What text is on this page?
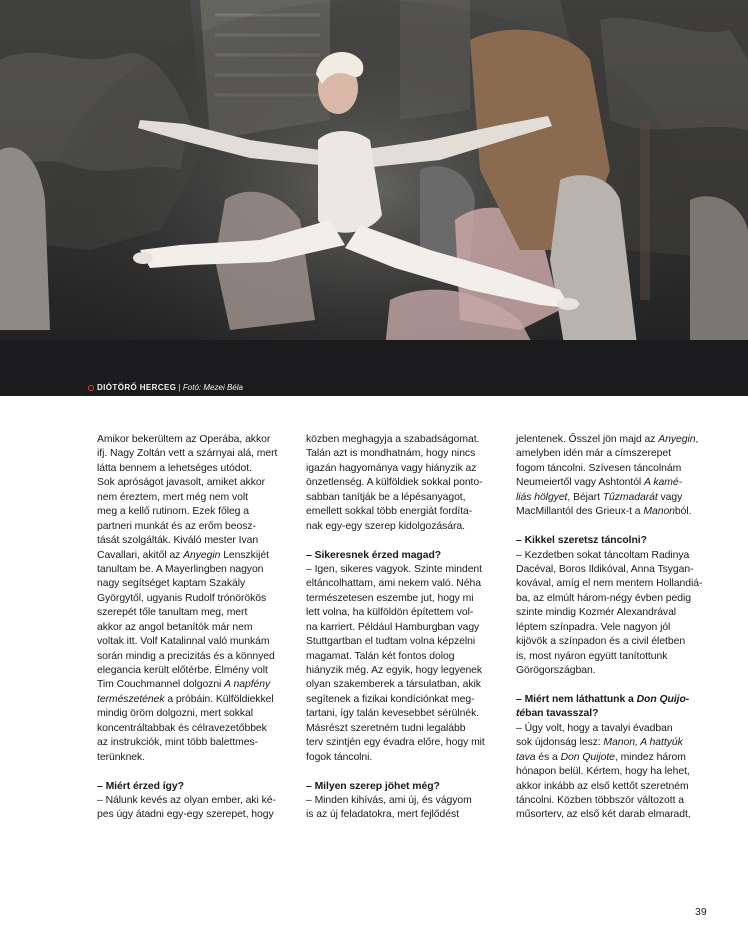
DIÓTÖRŐ HERCEG | Fotó: Mezei Béla
Amikor bekerültem az Operába, akkor
ifj. Nagy Zoltán vett a szárnyai alá, mert
látta bennem a lehetséges utódot.
Sok apróságot javasolt, amiket akkor
nem éreztem, mert még nem volt
meg a kellő rutinom. Ezek főleg a
partneri munkát és az erőm beosz-
tását szolgálták. Kiváló mester Ivan
Cavallari, akitől az Anyegin Lenszkijét
tanultam be. A Mayerlingben nagyon
nagy segítséget kaptam Szakály
Györgytől, ugyanis Rudolf trónörökös
szerepét tőle tanultam meg, mert
akkor az angol betanítók már nem
voltak itt. Volf Katalinnal való munkám
során mindig a precizitás és a könnyed
elegancia került előtérbe. Élmény volt
Tim Couchmannel dolgozni A napfény
természetének a próbáin. Külföldiekkel
mindig öröm dolgozni, mert sokkal
koncentráltabbak és célravezetőbbek
az instrukciók, mint több balettmes-
terünknek.
– Miért érzed így?
– Nálunk kevés az olyan ember, aki ké-
pes úgy átadni egy-egy szerepet, hogy
közben meghagyja a szabadságomat.
Talán azt is mondhatnám, hogy nincs
igazán hagyománya vagy hiányzik az
önzetlenség. A külföldiek sokkal ponto-
sabban tanítják be a lépésanyagot,
emellett sokkal több energiát fordíta-
nak egy-egy szerep kidolgozására.
– Sikeresnek érzed magad?
– Igen, sikeres vagyok. Szinte mindent
eltáncolhattam, ami nekem való. Néha
természetesen eszembe jut, hogy mi
lett volna, ha külföldön építettem vol-
na karriert. Például Hamburgban vagy
Stuttgartban el tudtam volna képzelni
magamat. Talán két fontos dolog
hiányzik még. Az egyik, hogy legyenek
olyan szakemberek a társulatban, akik
segítenek a fizikai kondíciónkat meg-
tartani, így talán kevesebbet sérülnék.
Másrészt szeretném tudni legalább
terv szintjén egy évadra előre, hogy mit
fogok táncolni.
– Milyen szerep jöhet még?
– Minden kihívás, ami új, és vágyom
is az új feladatokra, mert fejlődést
jelentenek. Ősszel jön majd az Anyegin,
amelyben idén már a címszerepet
fogom táncolni. Szívesen táncolnám
Neumeiertől vagy Ashtontól A kamé-
liás hölgyet, Béjart Tűzmadarát vagy
MacMillantól des Grieux-t a Manonból.
– Kikkel szeretsz táncolni?
– Kezdetben sokat táncoltam Radinya
Dacéval, Boros Ildikóval, Anna Tsygan-
kovával, amíg el nem mentem Hollandiá-
ba, az elmúlt három-négy évben pedig
szinte mindig Kozmér Alexandrával
léptem színpadra. Vele nagyon jól
kijövök a színpadon és a civil életben
is, most nyáron együtt tanítottunk
Görögországban.
– Miért nem láthattunk a Don Quijo-
téban tavasszal?
– Úgy volt, hogy a tavalyi évadban
sok újdonság lesz: Manon, A hattyúk
tava és a Don Quijote, mindez három
hónapon belül. Kértem, hogy ha lehet,
akkor inkább az első kettőt szeretném
táncolni. Közben többször változott a
műsorterv, az első két darab elmaradt,
39
